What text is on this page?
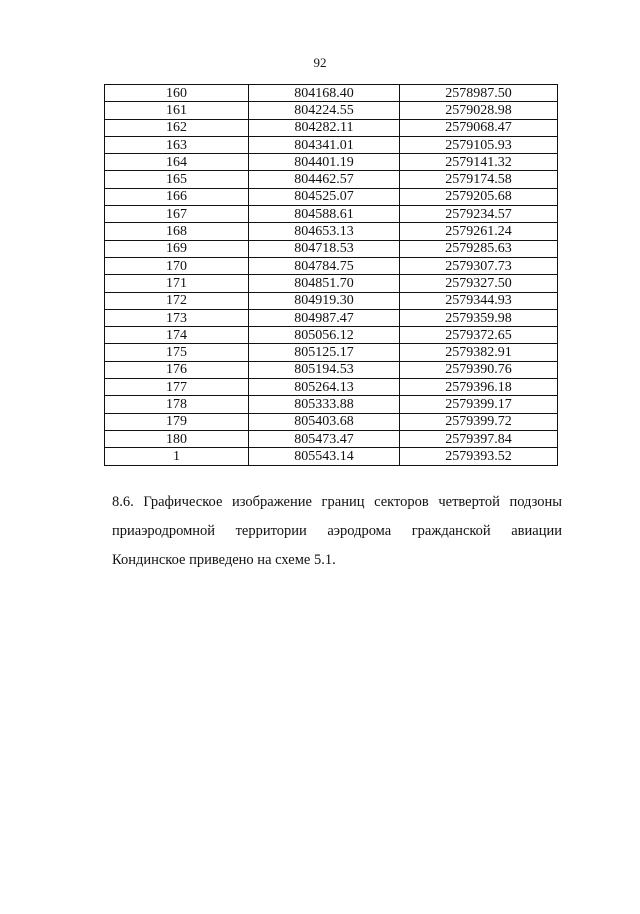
92
160	804168.40	2578987.50
161	804224.55	2579028.98
162	804282.11	2579068.47
163	804341.01	2579105.93
164	804401.19	2579141.32
165	804462.57	2579174.58
166	804525.07	2579205.68
167	804588.61	2579234.57
168	804653.13	2579261.24
169	804718.53	2579285.63
170	804784.75	2579307.73
171	804851.70	2579327.50
172	804919.30	2579344.93
173	804987.47	2579359.98
174	805056.12	2579372.65
175	805125.17	2579382.91
176	805194.53	2579390.76
177	805264.13	2579396.18
178	805333.88	2579399.17
179	805403.68	2579399.72
180	805473.47	2579397.84
1	805543.14	2579393.52
8.6. Графическое изображение границ секторов четвертой подзоны приаэродромной территории аэродрома гражданской авиации Кондинское приведено на схеме 5.1.
